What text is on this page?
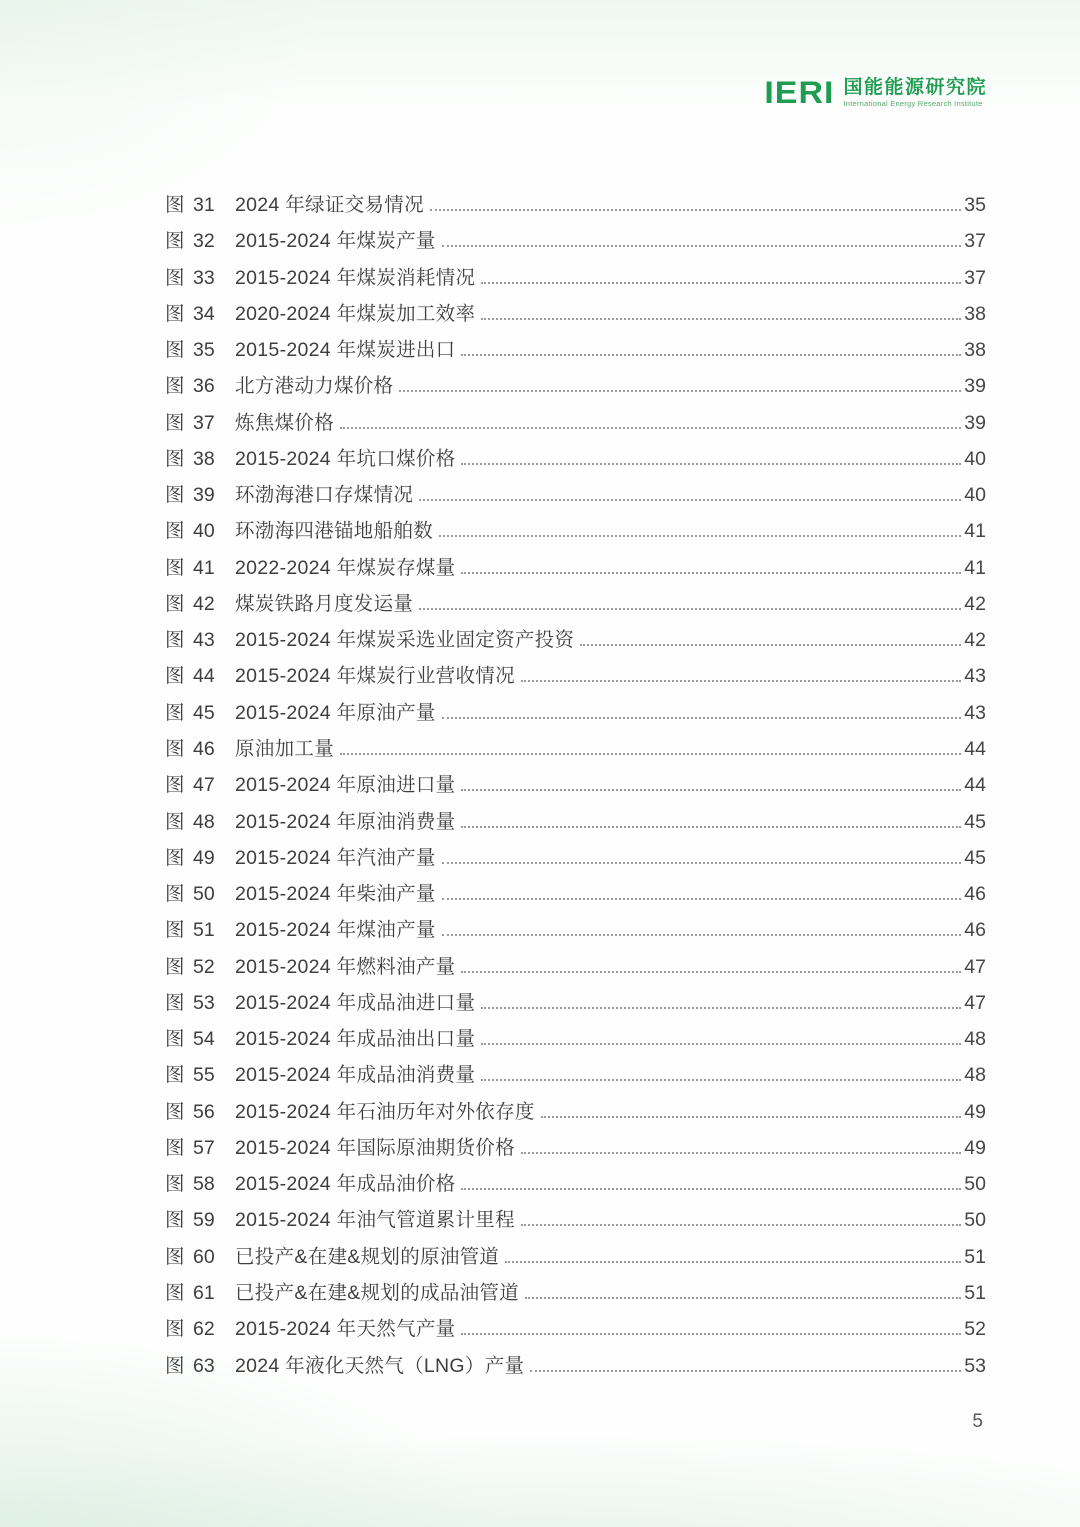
IERI 国能能源研究院
International Energy Research Institute
图 31	2024 年绿证交易情况	35
图 32	2015-2024 年煤炭产量	37
图 33	2015-2024 年煤炭消耗情况	37
图 34	2020-2024 年煤炭加工效率	38
图 35	2015-2024 年煤炭进出口	38
图 36	北方港动力煤价格	39
图 37	炼焦煤价格	39
图 38	2015-2024 年坑口煤价格	40
图 39	环渤海港口存煤情况	40
图 40	环渤海四港锚地船舶数	41
图 41	2022-2024 年煤炭存煤量	41
图 42	煤炭铁路月度发运量	42
图 43	2015-2024 年煤炭采选业固定资产投资	42
图 44	2015-2024 年煤炭行业营收情况	43
图 45	2015-2024 年原油产量	43
图 46	原油加工量	44
图 47	2015-2024 年原油进口量	44
图 48	2015-2024 年原油消费量	45
图 49	2015-2024 年汽油产量	45
图 50	2015-2024 年柴油产量	46
图 51	2015-2024 年煤油产量	46
图 52	2015-2024 年燃料油产量	47
图 53	2015-2024 年成品油进口量	47
图 54	2015-2024 年成品油出口量	48
图 55	2015-2024 年成品油消费量	48
图 56	2015-2024 年石油历年对外依存度	49
图 57	2015-2024 年国际原油期货价格	49
图 58	2015-2024 年成品油价格	50
图 59	2015-2024 年油气管道累计里程	50
图 60	已投产&在建&规划的原油管道	51
图 61	已投产&在建&规划的成品油管道	51
图 62	2015-2024 年天然气产量	52
图 63	2024 年液化天然气（LNG）产量	53
5
